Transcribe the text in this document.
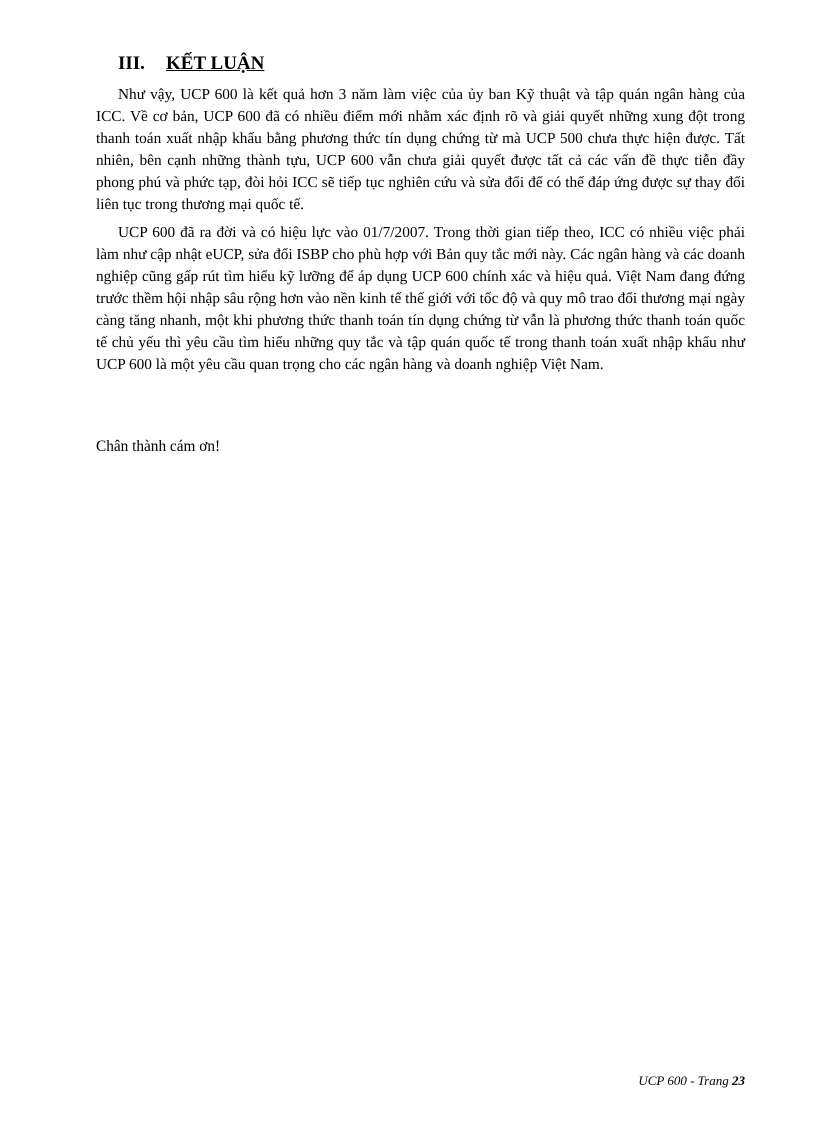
III. KẾT LUẬN

Như vậy, UCP 600 là kết quả hơn 3 năm làm việc của ủy ban Kỹ thuật và tập quán ngân hàng của ICC. Về cơ bản, UCP 600 đã có nhiều điểm mới nhằm xác định rõ và giải quyết những xung đột trong thanh toán xuất nhập khẩu bằng phương thức tín dụng chứng từ mà UCP 500 chưa thực hiện được. Tất nhiên, bên cạnh những thành tựu, UCP 600 vẫn chưa giải quyết được tất cả các vấn đề thực tiễn đầy phong phú và phức tạp, đòi hỏi ICC sẽ tiếp tục nghiên cứu và sửa đổi để có thể đáp ứng được sự thay đổi liên tục trong thương mại quốc tế.

UCP 600 đã ra đời và có hiệu lực vào 01/7/2007. Trong thời gian tiếp theo, ICC có nhiều việc phải làm như cập nhật eUCP, sửa đổi ISBP cho phù hợp với Bản quy tắc mới này. Các ngân hàng và các doanh nghiệp cũng gấp rút tìm hiểu kỹ lưỡng để áp dụng UCP 600 chính xác và hiệu quả. Việt Nam đang đứng trước thềm hội nhập sâu rộng hơn vào nền kinh tế thế giới với tốc độ và quy mô trao đổi thương mại ngày càng tăng nhanh, một khi phương thức thanh toán tín dụng chứng từ vẫn là phương thức thanh toán quốc tế chủ yếu thì yêu cầu tìm hiểu những quy tắc và tập quán quốc tế trong thanh toán xuất nhập khẩu như UCP 600 là một yêu cầu quan trọng cho các ngân hàng và doanh nghiệp Việt Nam.

Chân thành cám ơn!

UCP 600 - Trang 23
